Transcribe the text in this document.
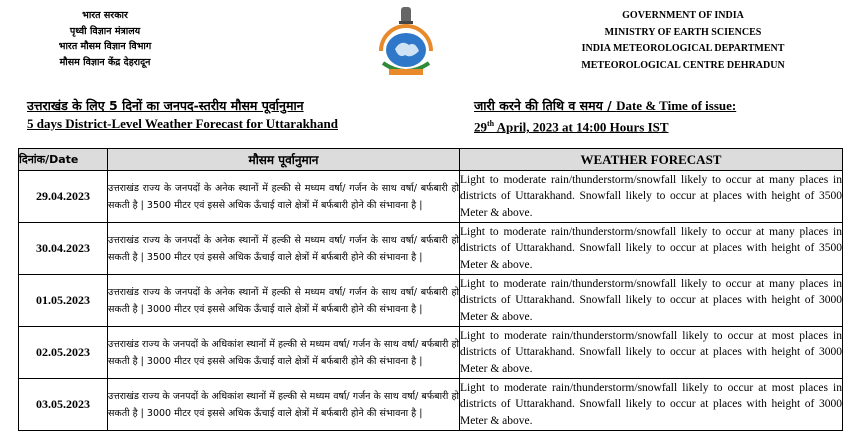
भारत सरकार
पृथ्वी विज्ञान मंत्रालय
भारत मौसम विज्ञान विभाग
मौसम विज्ञान केंद्र देहरादून
GOVERNMENT OF INDIA
MINISTRY OF EARTH SCIENCES
INDIA METEOROLOGICAL DEPARTMENT
METEOROLOGICAL CENTRE DEHRADUN
उत्तराखंड के लिए 5 दिनों का जनपद-स्तरीय मौसम पूर्वानुमान
5 days District-Level Weather Forecast for Uttarakhand
जारी करने की तिथि व समय / Date & Time of issue:
29th April, 2023 at 14:00 Hours IST
दिनांक/Date	मौसम पूर्वानुमान	WEATHER FORECAST
29.04.2023	उत्तराखंड राज्य के जनपदों के अनेक स्थानों में हल्की से मध्यम वर्षा/ गर्जन के साथ वर्षा/ बर्फबारी हो सकती है | 3500 मीटर एवं इससे अधिक ऊँचाई वाले क्षेत्रों में बर्फबारी होने की संभावना है |	Light to moderate rain/thunderstorm/snowfall likely to occur at many places in districts of Uttarakhand. Snowfall likely to occur at places with height of 3500 Meter & above.
30.04.2023	उत्तराखंड राज्य के जनपदों के अनेक स्थानों में हल्की से मध्यम वर्षा/ गर्जन के साथ वर्षा/ बर्फबारी हो सकती है | 3500 मीटर एवं इससे अधिक ऊँचाई वाले क्षेत्रों में बर्फबारी होने की संभावना है |	Light to moderate rain/thunderstorm/snowfall likely to occur at many places in districts of Uttarakhand. Snowfall likely to occur at places with height of 3500 Meter & above.
01.05.2023	उत्तराखंड राज्य के जनपदों के अनेक स्थानों में हल्की से मध्यम वर्षा/ गर्जन के साथ वर्षा/ बर्फबारी हो सकती है | 3000 मीटर एवं इससे अधिक ऊँचाई वाले क्षेत्रों में बर्फबारी होने की संभावना है |	Light to moderate rain/thunderstorm/snowfall likely to occur at many places in districts of Uttarakhand. Snowfall likely to occur at places with height of 3000 Meter & above.
02.05.2023	उत्तराखंड राज्य के जनपदों के अधिकांश स्थानों में हल्की से मध्यम वर्षा/ गर्जन के साथ वर्षा/ बर्फबारी हो सकती है | 3000 मीटर एवं इससे अधिक ऊँचाई वाले क्षेत्रों में बर्फबारी होने की संभावना है |	Light to moderate rain/thunderstorm/snowfall likely to occur at most places in districts of Uttarakhand. Snowfall likely to occur at places with height of 3000 Meter & above.
03.05.2023	उत्तराखंड राज्य के जनपदों के अधिकांश स्थानों में हल्की से मध्यम वर्षा/ गर्जन के साथ वर्षा/ बर्फबारी हो सकती है | 3000 मीटर एवं इससे अधिक ऊँचाई वाले क्षेत्रों में बर्फबारी होने की संभावना है |	Light to moderate rain/thunderstorm/snowfall likely to occur at most places in districts of Uttarakhand. Snowfall likely to occur at places with height of 3000 Meter & above.
